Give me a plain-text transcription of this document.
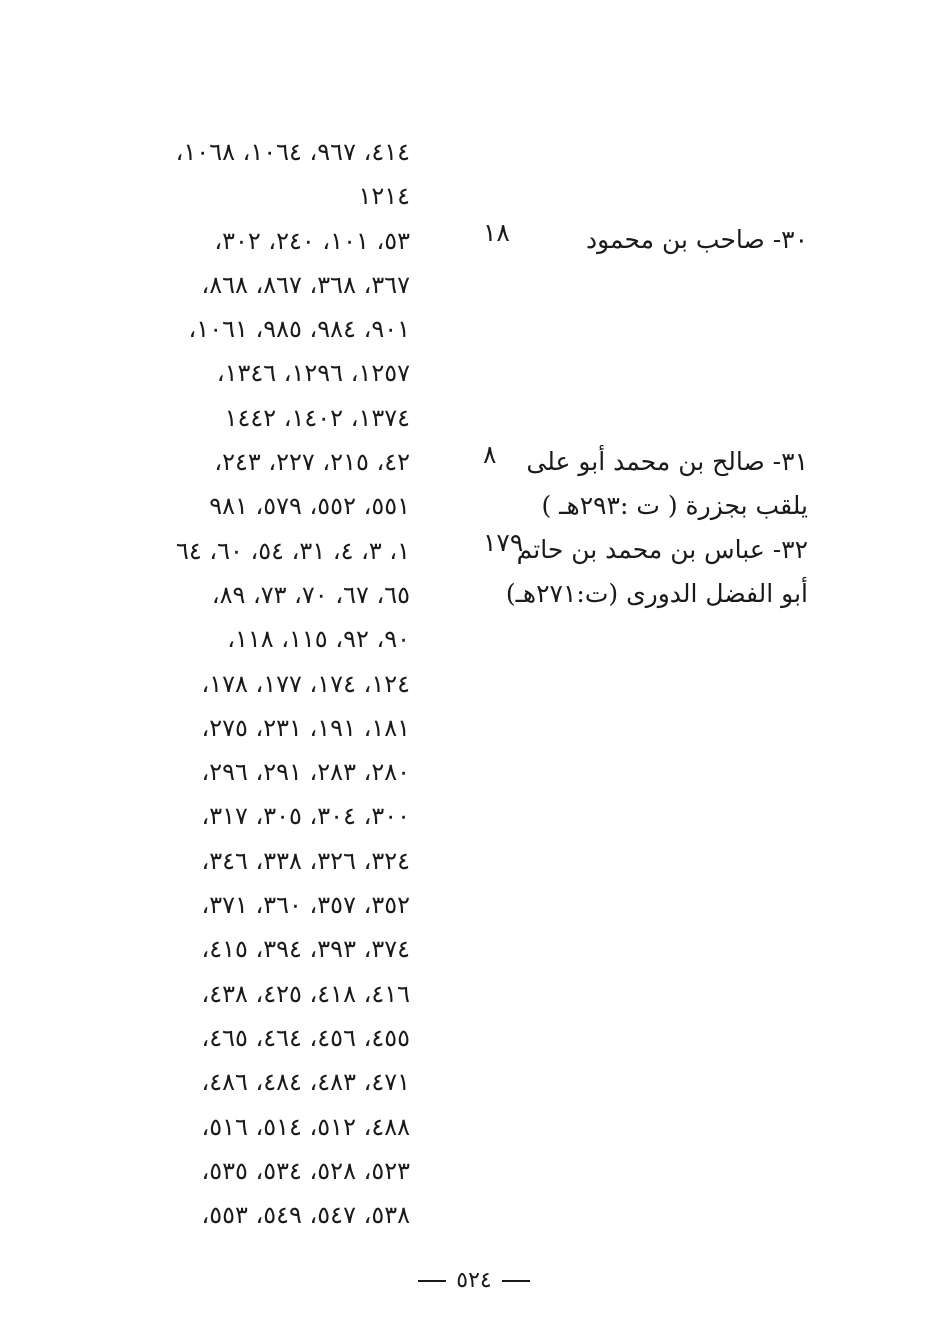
٤١٤، ٩٦٧، ١٠٦٤، ١٠٦٨،
١٢١٤
٥٣، ١٠١، ٢٤٠، ٣٠٢،
٣٦٧، ٣٦٨، ٨٦٧، ٨٦٨،
٩٠١، ٩٨٤، ٩٨٥، ١٠٦١،
١٢٥٧، ١٢٩٦، ١٣٤٦،
١٣٧٤، ١٤٠٢، ١٤٤٢
٤٢، ٢١٥، ٢٢٧، ٢٤٣،
٥٥١، ٥٥٢، ٥٧٩، ٩٨١
١، ٣، ٤، ٣١، ٥٤، ٦٠، ٦٤
٦٥، ٦٧، ٧٠، ٧٣، ٨٩،
٩٠، ٩٢، ١١٥، ١١٨،
١٢٤، ١٧٤، ١٧٧، ١٧٨،
١٨١، ١٩١، ٢٣١، ٢٧٥،
٢٨٠، ٢٨٣، ٢٩١، ٢٩٦،
٣٠٠، ٣٠٤، ٣٠٥، ٣١٧،
٣٢٤، ٣٢٦، ٣٣٨، ٣٤٦،
٣٥٢، ٣٥٧، ٣٦٠، ٣٧١،
٣٧٤، ٣٩٣، ٣٩٤، ٤١٥،
٤١٦، ٤١٨، ٤٢٥، ٤٣٨،
٤٥٥، ٤٥٦، ٤٦٤، ٤٦٥،
٤٧١، ٤٨٣، ٤٨٤، ٤٨٦،
٤٨٨، ٥١٢، ٥١٤، ٥١٦،
٥٢٣، ٥٢٨، ٥٣٤، ٥٣٥،
٥٣٨، ٥٤٧، ٥٤٩، ٥٥٣،
٣٠- صاحب بن محمود
١٨
٣١- صالح بن محمد أبو على
يلقب بجزرة ( ت :٢٩٣هـ )
٨
٣٢- عباس بن محمد بن حاتم
أبو الفضل الدورى (ت:٢٧١هـ)
١٧٩
٥٢٤
